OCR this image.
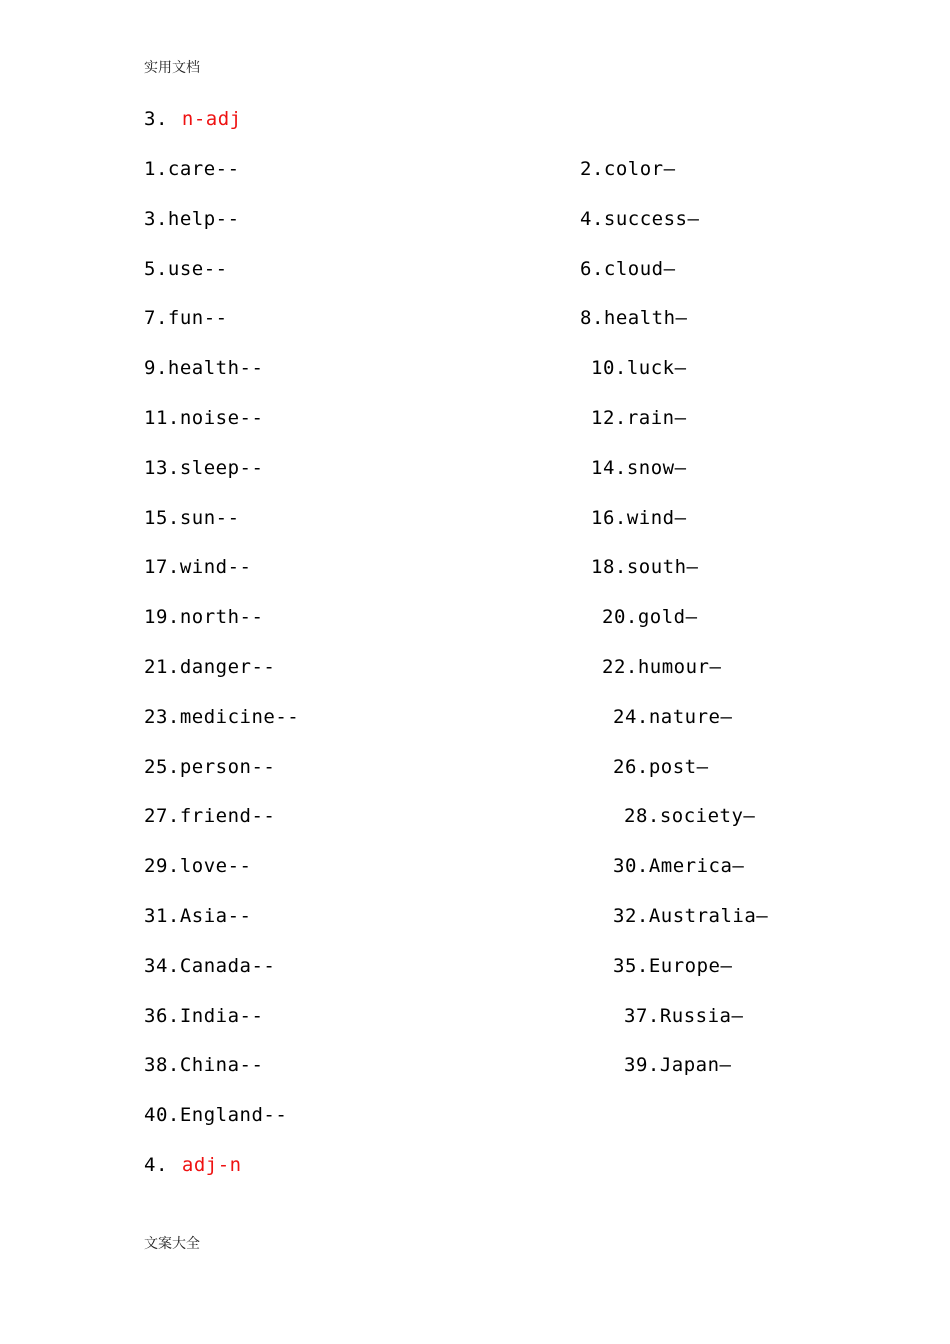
实用文档
3. n-adj
1.care--	2.color—
3.help--	4.success—
5.use--	6.cloud—
7.fun--	8.health—
9.health--	10.luck—
11.noise--	12.rain—
13.sleep--	14.snow—
15.sun--	16.wind—
17.wind--	18.south—
19.north--	20.gold—
21.danger--	22.humour—
23.medicine--	24.nature—
25.person--	26.post—
27.friend--	28.society—
29.love--	30.America—
31.Asia--	32.Australia—
34.Canada--	35.Europe—
36.India--	37.Russia—
38.China--	39.Japan—
40.England--
4. adj-n
文案大全
